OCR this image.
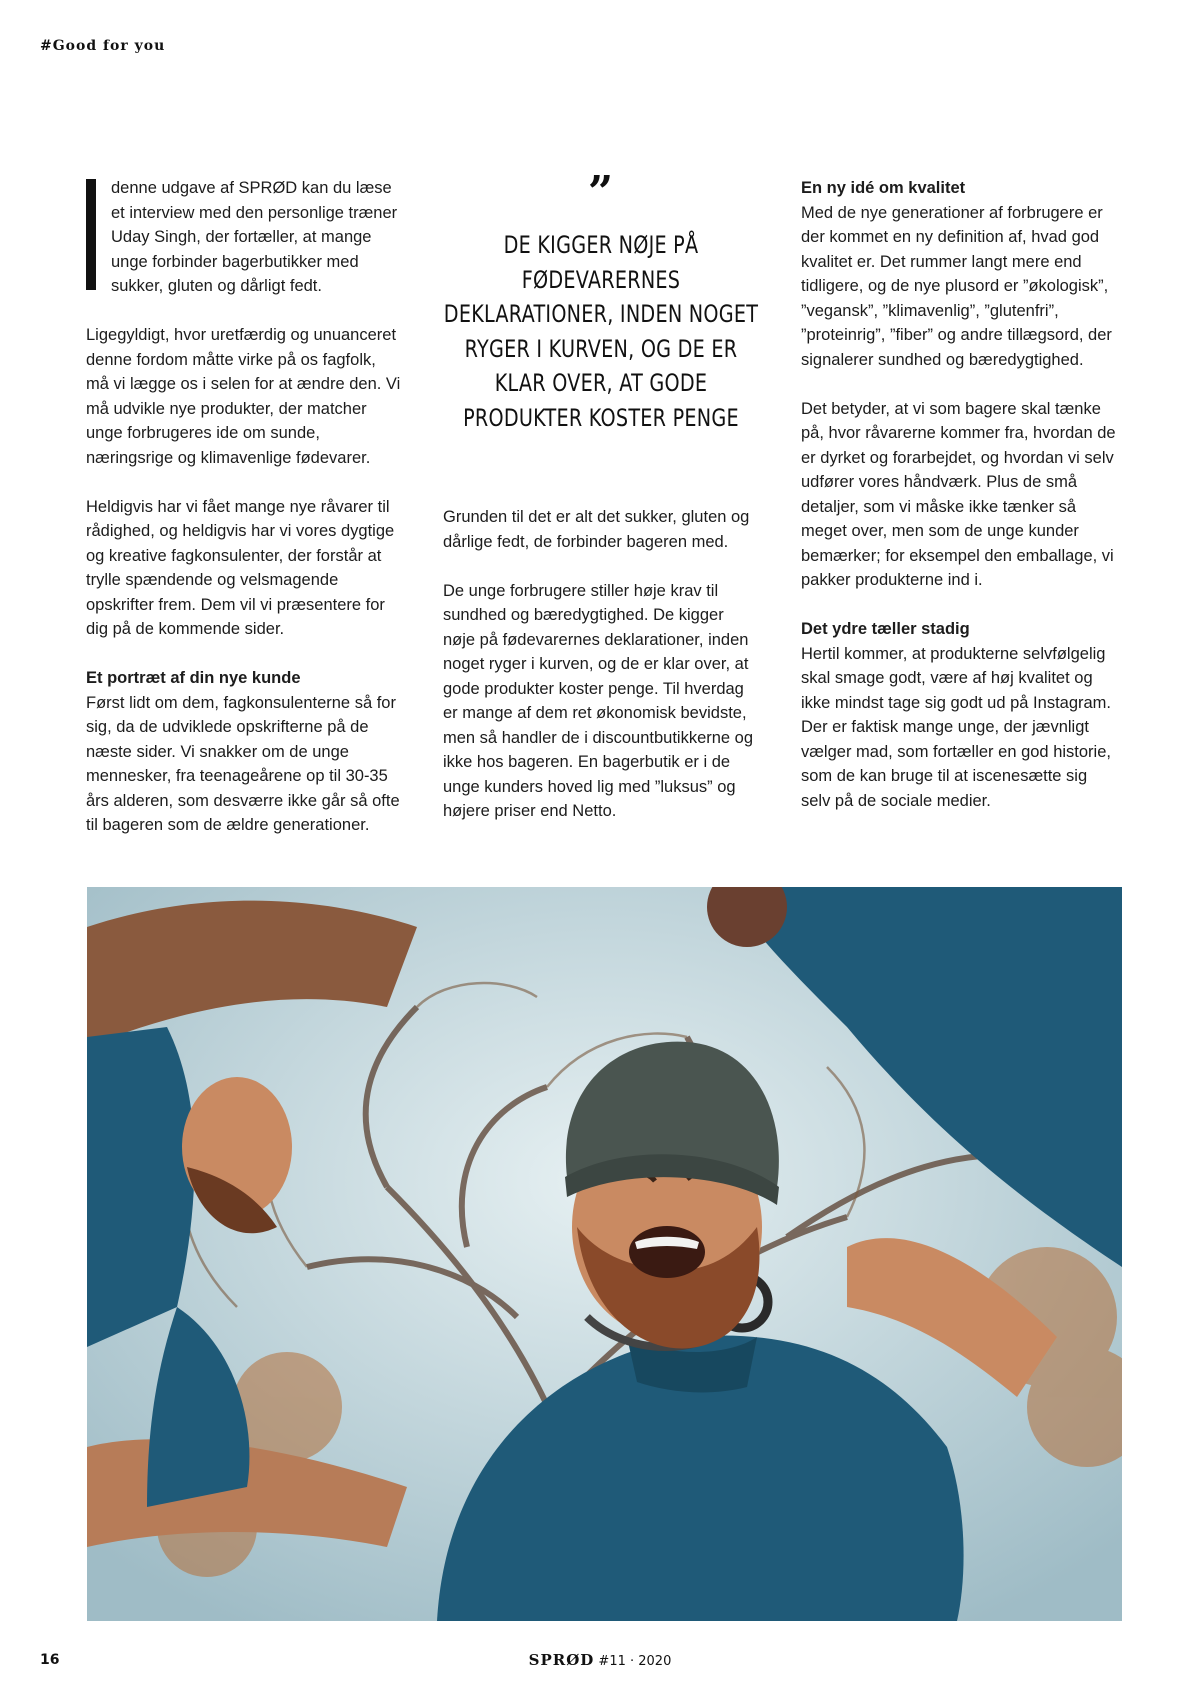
#Good for you

denne udgave af SPRØD kan du læse et interview med den personlige træner Uday Singh, der fortæller, at mange unge forbinder bagerbutikker med sukker, gluten og dårligt fedt.

Ligegyldigt, hvor uretfærdig og unuanceret denne fordom måtte virke på os fagfolk, må vi lægge os i selen for at ændre den. Vi må udvikle nye produkter, der matcher unge forbrugeres ide om sunde, næringsrige og klimavenlige fødevarer.

Heldigvis har vi fået mange nye råvarer til rådighed, og heldigvis har vi vores dygtige og kreative fagkonsulenter, der forstår at trylle spændende og velsmagende opskrifter frem. Dem vil vi præsentere for dig på de kommende sider.

Et portræt af din nye kunde

Først lidt om dem, fagkonsulenterne så for sig, da de udviklede opskrifterne på de næste sider. Vi snakker om de unge mennesker, fra teenageårene op til 30-35 års alderen, som desværre ikke går så ofte til bageren som de ældre generationer.

”
DE KIGGER NØJE PÅ FØDEVARERNES DEKLARATIONER, INDEN NOGET RYGER I KURVEN, OG DE ER KLAR OVER, AT GODE PRODUKTER KOSTER PENGE

Grunden til det er alt det sukker, gluten og dårlige fedt, de forbinder bageren med.

De unge forbrugere stiller høje krav til sundhed og bæredygtighed. De kigger nøje på fødevarernes deklarationer, inden noget ryger i kurven, og de er klar over, at gode produkter koster penge. Til hverdag er mange af dem ret økonomisk bevidste, men så handler de i discountbutikkerne og ikke hos bageren. En bagerbutik er i de unge kunders hoved lig med ”luksus” og højere priser end Netto.

En ny idé om kvalitet

Med de nye generationer af forbrugere er der kommet en ny definition af, hvad god kvalitet er. Det rummer langt mere end tidligere, og de nye plusord er ”økologisk”, ”vegansk”, ”klimavenlig”, ”glutenfri”, ”proteinrig”, ”fiber” og andre tillægsord, der signalerer sundhed og bæredygtighed.

Det betyder, at vi som bagere skal tænke på, hvor råvarerne kommer fra, hvordan de er dyrket og forarbejdet, og hvordan vi selv udfører vores håndværk. Plus de små detaljer, som vi måske ikke tænker så meget over, men som de unge kunder bemærker; for eksempel den emballage, vi pakker produkterne ind i.

Det ydre tæller stadig

Hertil kommer, at produkterne selvfølgelig skal smage godt, være af høj kvalitet og ikke mindst tage sig godt ud på Instagram. Der er faktisk mange unge, der jævnligt vælger mad, som fortæller en god historie, som de kan bruge til at iscenesætte sig selv på de sociale medier.

16	SPRØD #11 · 2020
